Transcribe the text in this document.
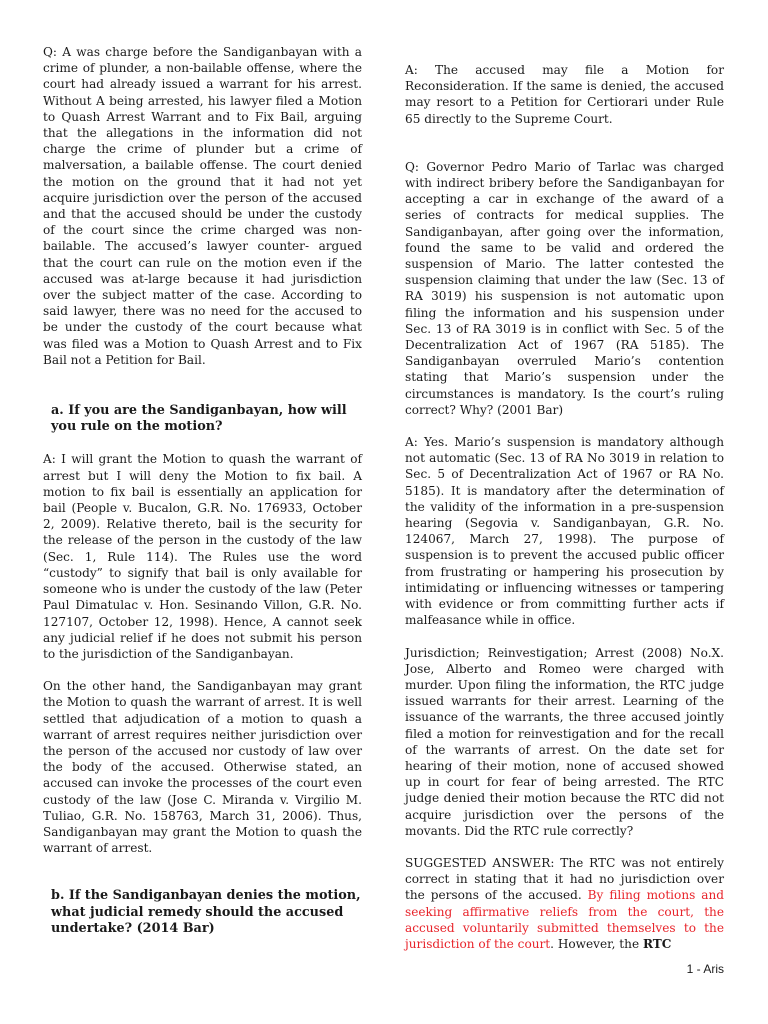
Q: A was charge before the Sandiganbayan with a crime of plunder, a non-bailable offense, where the court had already issued a warrant for his arrest. Without A being arrested, his lawyer filed a Motion to Quash Arrest Warrant and to Fix Bail, arguing that the allegations in the information did not charge the crime of plunder but a crime of malversation, a bailable offense. The court denied the motion on the ground that it had not yet acquire jurisdiction over the person of the accused and that the accused should be under the custody of the court since the crime charged was non-bailable. The accused’s lawyer counter- argued that the court can rule on the motion even if the accused was at-large because it had jurisdiction over the subject matter of the case. According to said lawyer, there was no need for the accused to be under the custody of the court because what was filed was a Motion to Quash Arrest and to Fix Bail not a Petition for Bail.

a. If you are the Sandiganbayan, how will you rule on the motion?

A: I will grant the Motion to quash the warrant of arrest but I will deny the Motion to fix bail. A motion to fix bail is essentially an application for bail (People v. Bucalon, G.R. No. 176933, October 2, 2009). Relative thereto, bail is the security for the release of the person in the custody of the law (Sec. 1, Rule 114). The Rules use the word “custody” to signify that bail is only available for someone who is under the custody of the law (Peter Paul Dimatulac v. Hon. Sesinando Villon, G.R. No. 127107, October 12, 1998). Hence, A cannot seek any judicial relief if he does not submit his person to the jurisdiction of the Sandiganbayan.

On the other hand, the Sandiganbayan may grant the Motion to quash the warrant of arrest. It is well settled that adjudication of a motion to quash a warrant of arrest requires neither jurisdiction over the person of the accused nor custody of law over the body of the accused. Otherwise stated, an accused can invoke the processes of the court even custody of the law (Jose C. Miranda v. Virgilio M. Tuliao, G.R. No. 158763, March 31, 2006). Thus, Sandiganbayan may grant the Motion to quash the warrant of arrest.

b. If the Sandiganbayan denies the motion, what judicial remedy should the accused undertake? (2014 Bar)

A: The accused may file a Motion for Reconsideration. If the same is denied, the accused may resort to a Petition for Certiorari under Rule 65 directly to the Supreme Court.

Q: Governor Pedro Mario of Tarlac was charged with indirect bribery before the Sandiganbayan for accepting a car in exchange of the award of a series of contracts for medical supplies. The Sandiganbayan, after going over the information, found the same to be valid and ordered the suspension of Mario. The latter contested the suspension claiming that under the law (Sec. 13 of RA 3019) his suspension is not automatic upon filing the information and his suspension under Sec. 13 of RA 3019 is in conflict with Sec. 5 of the Decentralization Act of 1967 (RA 5185). The Sandiganbayan overruled Mario’s contention stating that Mario’s suspension under the circumstances is mandatory. Is the court’s ruling correct? Why? (2001 Bar)

A: Yes. Mario’s suspension is mandatory although not automatic (Sec. 13 of RA No 3019 in relation to Sec. 5 of Decentralization Act of 1967 or RA No. 5185). It is mandatory after the determination of the validity of the information in a pre-suspension hearing (Segovia v. Sandiganbayan, G.R. No. 124067, March 27, 1998). The purpose of suspension is to prevent the accused public officer from frustrating or hampering his prosecution by intimidating or influencing witnesses or tampering with evidence or from committing further acts if malfeasance while in office.

Jurisdiction; Reinvestigation; Arrest (2008) No.X. Jose, Alberto and Romeo were charged with murder. Upon filing the information, the RTC judge issued warrants for their arrest. Learning of the issuance of the warrants, the three accused jointly filed a motion for reinvestigation and for the recall of the warrants of arrest. On the date set for hearing of their motion, none of accused showed up in court for fear of being arrested. The RTC judge denied their motion because the RTC did not acquire jurisdiction over the persons of the movants. Did the RTC rule correctly?

SUGGESTED ANSWER: The RTC was not entirely correct in stating that it had no jurisdiction over the persons of the accused. By filing motions and seeking affirmative reliefs from the court, the accused voluntarily submitted themselves to the jurisdiction of the court. However, the RTC

1 - Aris
